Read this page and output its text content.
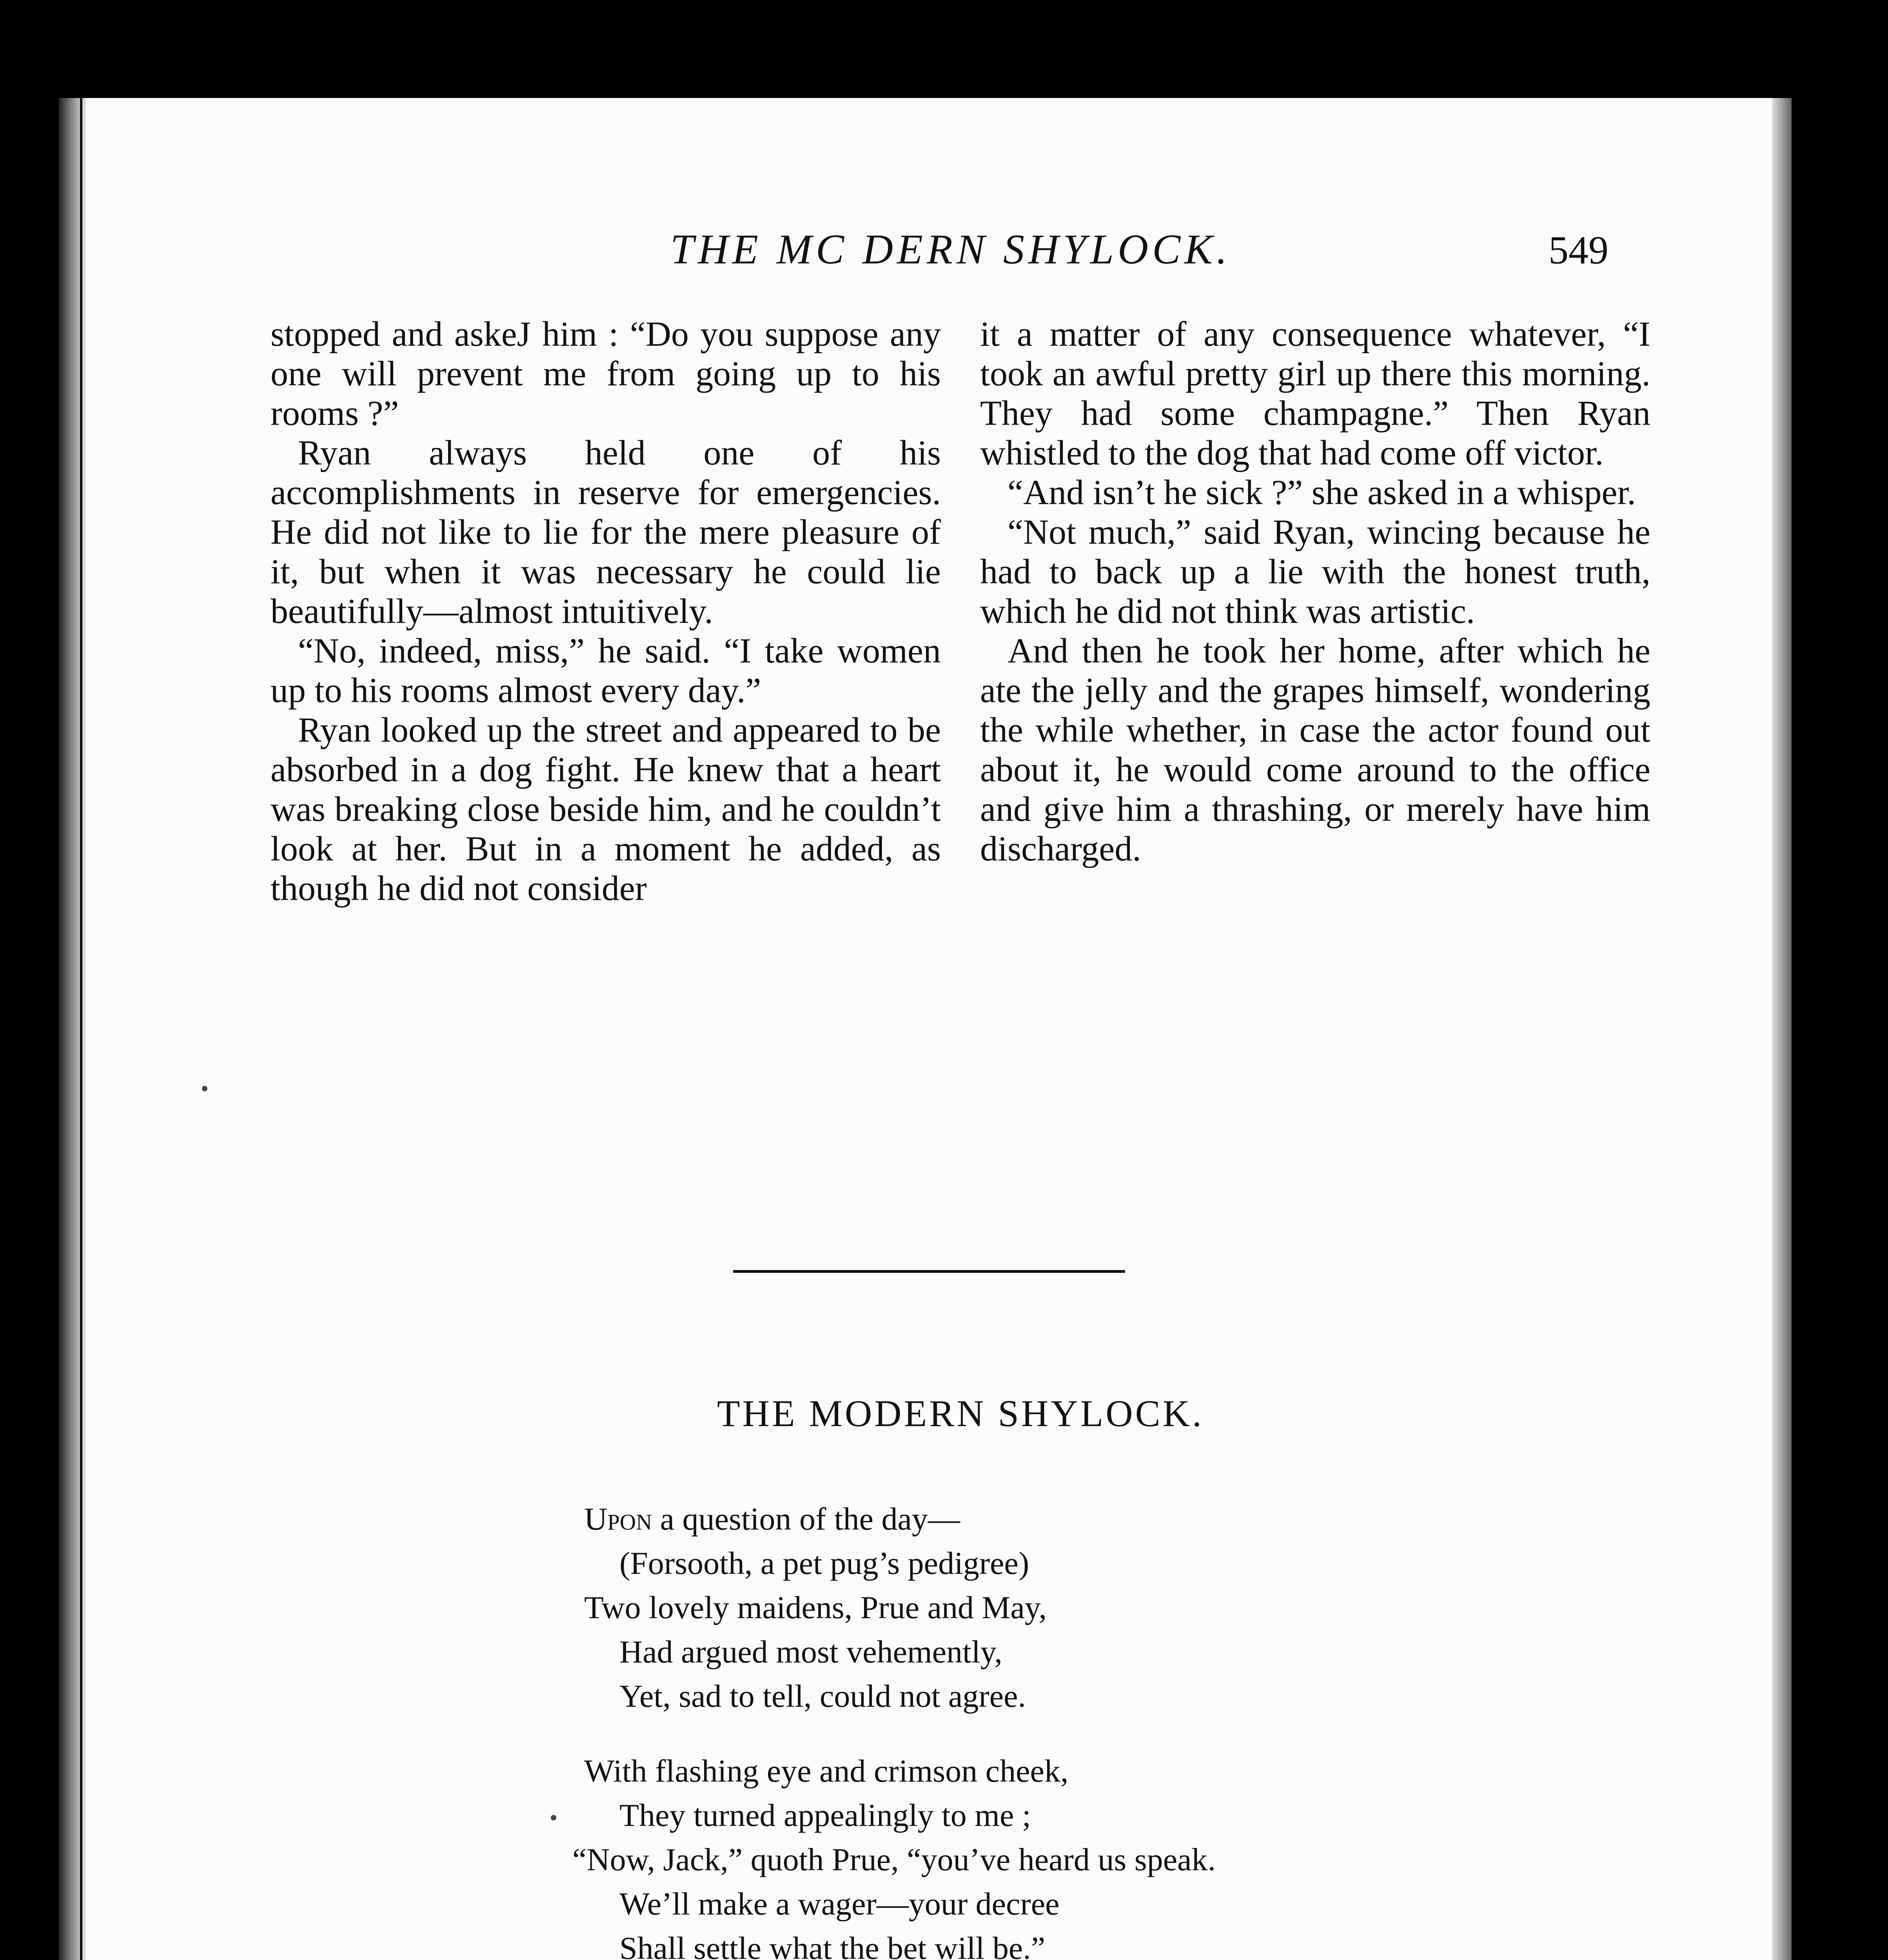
THE MC DERN SHYLOCK.	549

stopped and askeJ him : “Do you suppose any one will prevent me from going up to his rooms ?”

Ryan always held one of his accomplishments in reserve for emergencies. He did not like to lie for the mere pleasure of it, but when it was necessary he could lie beautifully—almost intuitively.

“No, indeed, miss,” he said. “I take women up to his rooms almost every day.”

Ryan looked up the street and appeared to be absorbed in a dog fight. He knew that a heart was breaking close beside him, and he couldn’t look at her. But in a moment he added, as though he did not consider

it a matter of any consequence whatever, “I took an awful pretty girl up there this morning. They had some champagne.” Then Ryan whistled to the dog that had come off victor.

“And isn’t he sick ?” she asked in a whisper.

“Not much,” said Ryan, wincing because he had to back up a lie with the honest truth, which he did not think was artistic.

And then he took her home, after which he ate the jelly and the grapes himself, wondering the while whether, in case the actor found out about it, he would come around to the office and give him a thrashing, or merely have him discharged.

THE MODERN SHYLOCK.
Upon a question of the day—
(Forsooth, a pet pug’s pedigree)
Two lovely maidens, Prue and May,
Had argued most vehemently,
Yet, sad to tell, could not agree.
With flashing eye and crimson cheek,
They turned appealingly to me ;
“Now, Jack,” quoth Prue, “you’ve heard us speak.
We’ll make a wager—your decree
Shall settle what the bet will be.”
